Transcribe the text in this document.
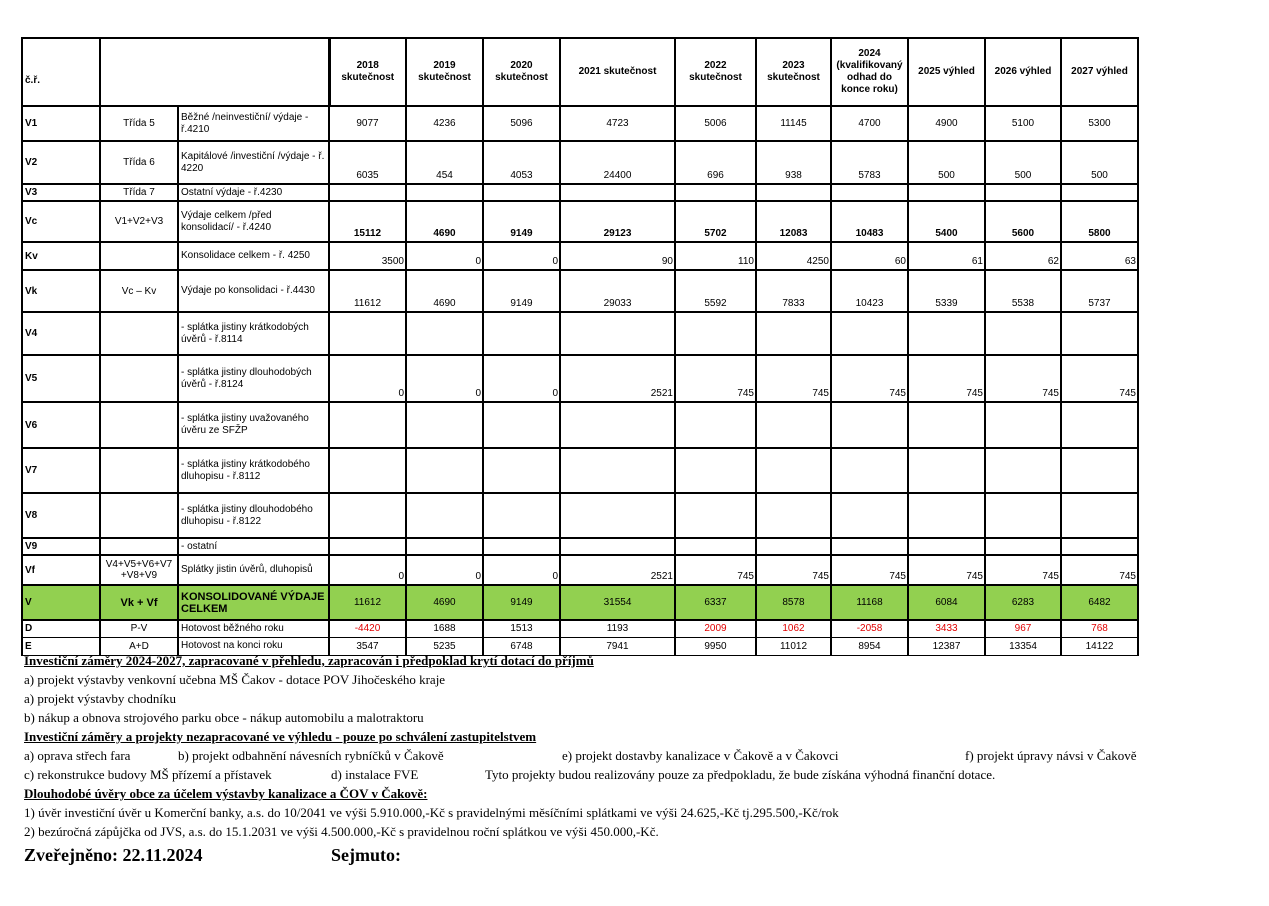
č.ř.			2018 skutečnost	2019 skutečnost	2020 skutečnost	2021 skutečnost	2022 skutečnost	2023 skutečnost	2024 (kvalifikovaný odhad do konce roku)	2025 výhled	2026 výhled	2027 výhled
V1	Třída 5	Běžné /neinvestiční/ výdaje - ř.4210	9077	4236	5096	4723	5006	11145	4700	4900	5100	5300
V2	Třída 6	Kapitálové /investiční /výdaje - ř. 4220	6035	454	4053	24400	696	938	5783	500	500	500
V3	Třída 7	Ostatní výdaje - ř.4230										
Vc	V1+V2+V3	Výdaje celkem /před konsolidací/ - ř.4240	15112	4690	9149	29123	5702	12083	10483	5400	5600	5800
Kv		Konsolidace celkem - ř. 4250	3500	0	0	90	110	4250	60	61	62	63
Vk	Vc – Kv	Výdaje po konsolidaci - ř.4430	11612	4690	9149	29033	5592	7833	10423	5339	5538	5737
V4		- splátka jistiny krátkodobých úvěrů - ř.8114										
V5		- splátka jistiny dlouhodobých úvěrů - ř.8124	0	0	0	2521	745	745	745	745	745	745
V6		- splátka jistiny uvažovaného úvěru ze SFŽP										
V7		- splátka jistiny krátkodobého dluhopisu - ř.8112										
V8		- splátka jistiny dlouhodobého dluhopisu - ř.8122										
V9		- ostatní										
Vf	V4+V5+V6+V7 +V8+V9	Splátky jistin úvěrů, dluhopisů	0	0	0	2521	745	745	745	745	745	745
V	Vk + Vf	KONSOLIDOVANÉ VÝDAJE CELKEM	11612	4690	9149	31554	6337	8578	11168	6084	6283	6482
D	P-V	Hotovost běžného roku	-4420	1688	1513	1193	2009	1062	-2058	3433	967	768
E	A+D	Hotovost na konci roku	3547	5235	6748	7941	9950	11012	8954	12387	13354	14122
Investiční záměry 2024-2027, zapracované v přehledu, zapracován i předpoklad krytí dotací do příjmů
a) projekt výstavby venkovní učebna MŠ Čakov - dotace POV Jihočeského kraje
a) projekt výstavby chodníku
b) nákup a obnova strojového parku obce - nákup automobilu a malotraktoru
Investiční záměry a projekty nezapracované ve výhledu - pouze po schválení zastupitelstvem
a) oprava střech fara	b) projekt odbahnění návesních rybníčků v Čakově	e) projekt dostavby kanalizace v Čakově a v Čakovci	f) projekt úpravy návsi v Čakově
c) rekonstrukce budovy MŠ přízemí a přístavek	d) instalace FVE	Tyto projekty budou realizovány pouze za předpokladu, že bude získána výhodná finanční dotace.
Dlouhodobé úvěry obce za účelem výstavby kanalizace a ČOV v Čakově:
1) úvěr investiční úvěr u Komerční banky, a.s. do 10/2041 ve výši 5.910.000,-Kč s pravidelnými měsíčními splátkami ve výši 24.625,-Kč tj.295.500,-Kč/rok
2) bezúročná zápůjčka od JVS, a.s. do 15.1.2031 ve výši 4.500.000,-Kč s pravidelnou roční splátkou ve výši 450.000,-Kč.
Zveřejněno: 22.11.2024	Sejmuto:
